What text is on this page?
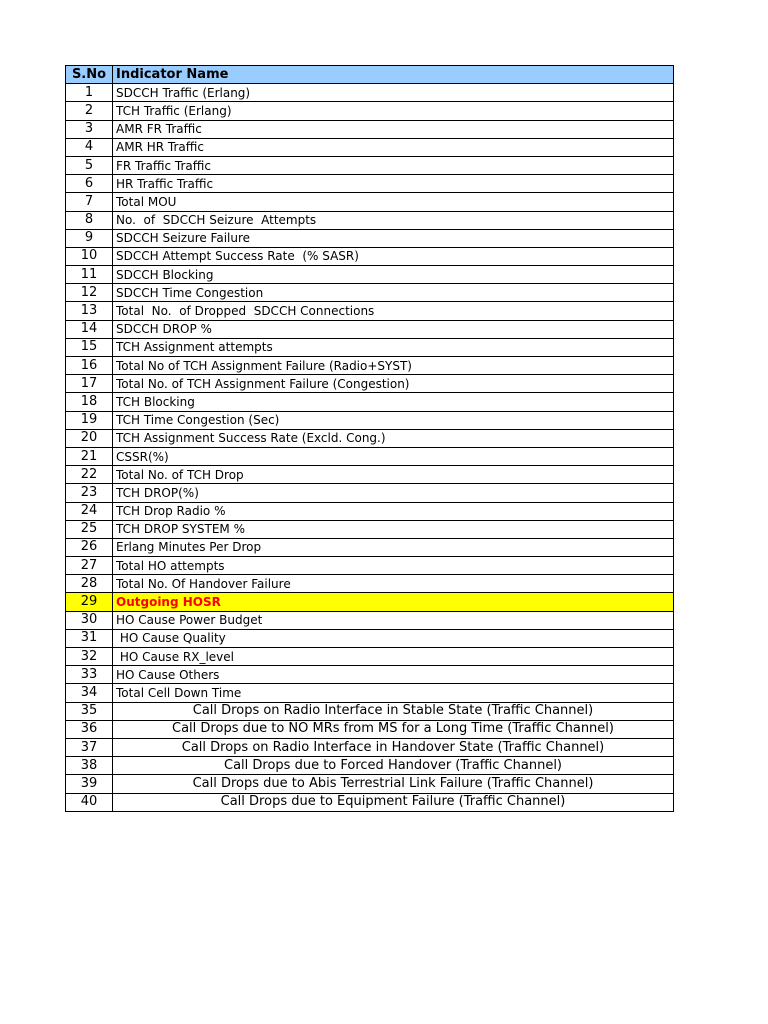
S.No	Indicator Name
1	SDCCH Traffic (Erlang)
2	TCH Traffic (Erlang)
3	AMR FR Traffic
4	AMR HR Traffic
5	FR Traffic Traffic
6	HR Traffic Traffic
7	Total MOU
8	No.  of  SDCCH Seizure  Attempts
9	SDCCH Seizure Failure
10	SDCCH Attempt Success Rate  (% SASR)
11	SDCCH Blocking
12	SDCCH Time Congestion
13	Total  No.  of Dropped  SDCCH Connections
14	SDCCH DROP %
15	TCH Assignment attempts
16	Total No of TCH Assignment Failure (Radio+SYST)
17	Total No. of TCH Assignment Failure (Congestion)
18	TCH Blocking
19	TCH Time Congestion (Sec)
20	TCH Assignment Success Rate (Excld. Cong.)
21	CSSR(%)
22	Total No. of TCH Drop
23	TCH DROP(%)
24	TCH Drop Radio %
25	TCH DROP SYSTEM %
26	Erlang Minutes Per Drop
27	Total HO attempts
28	Total No. Of Handover Failure
29	Outgoing HOSR
30	HO Cause Power Budget
31	HO Cause Quality
32	HO Cause RX_level
33	HO Cause Others
34	Total Cell Down Time
35	Call Drops on Radio Interface in Stable State (Traffic Channel)
36	Call Drops due to NO MRs from MS for a Long Time (Traffic Channel)
37	Call Drops on Radio Interface in Handover State (Traffic Channel)
38	Call Drops due to Forced Handover (Traffic Channel)
39	Call Drops due to Abis Terrestrial Link Failure (Traffic Channel)
40	Call Drops due to Equipment Failure (Traffic Channel)
